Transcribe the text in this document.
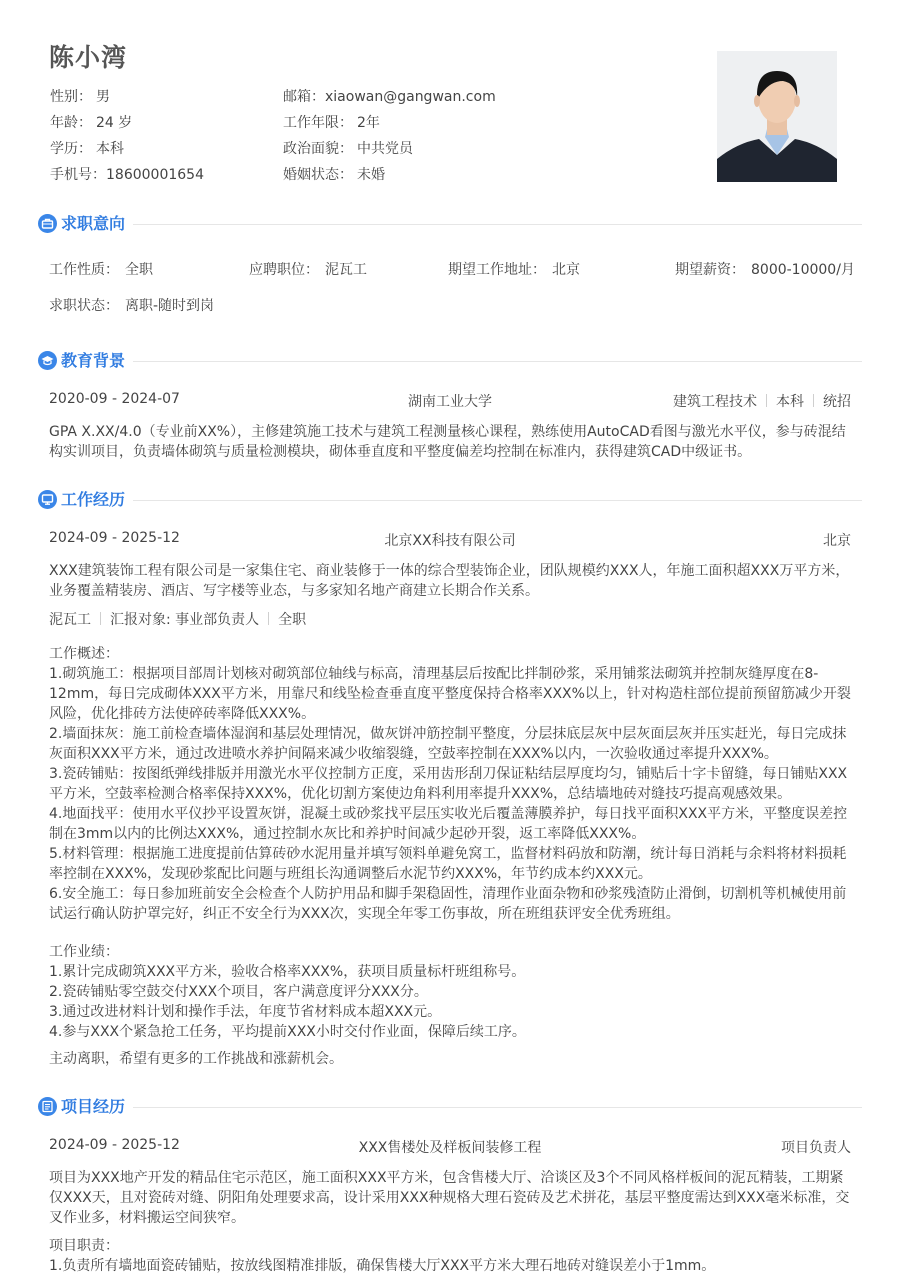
陈小湾
性别： 男
年龄： 24 岁
学历： 本科
手机号：18600001654
邮箱：xiaowan@gangwan.com
工作年限： 2年
政治面貌： 中共党员
婚姻状态： 未婚
求职意向
工作性质： 全职	应聘职位： 泥瓦工	期望工作地址： 北京	期望薪资： 8000-10000/月
求职状态： 离职-随时到岗
教育背景
2020-09 - 2024-07	湖南工业大学	建筑工程技术 本科 统招
GPA X.XX/4.0（专业前XX%），主修建筑施工技术与建筑工程测量核心课程，熟练使用AutoCAD看图与激光水平仪，参与砖混结
构实训项目，负责墙体砌筑与质量检测模块，砌体垂直度和平整度偏差均控制在标准内，获得建筑CAD中级证书。
工作经历
2024-09 - 2025-12	北京XX科技有限公司	北京
XXX建筑装饰工程有限公司是一家集住宅、商业装修于一体的综合型装饰企业，团队规模约XXX人，年施工面积超XXX万平方米，
业务覆盖精装房、酒店、写字楼等业态，与多家知名地产商建立长期合作关系。
泥瓦工 汇报对象: 事业部负责人 全职
工作概述：
1.砌筑施工：根据项目部周计划核对砌筑部位轴线与标高，清理基层后按配比拌制砂浆，采用铺浆法砌筑并控制灰缝厚度在8-
12mm，每日完成砌体XXX平方米，用靠尺和线坠检查垂直度平整度保持合格率XXX%以上，针对构造柱部位提前预留筋减少开裂
风险，优化排砖方法使碎砖率降低XXX%。
2.墙面抹灰：施工前检查墙体湿润和基层处理情况，做灰饼冲筋控制平整度，分层抹底层灰中层灰面层灰并压实赶光，每日完成抹
灰面积XXX平方米，通过改进喷水养护间隔来减少收缩裂缝，空鼓率控制在XXX%以内，一次验收通过率提升XXX%。
3.瓷砖铺贴：按图纸弹线排版并用激光水平仪控制方正度，采用齿形刮刀保证粘结层厚度均匀，铺贴后十字卡留缝，每日铺贴XXX
平方米，空鼓率检测合格率保持XXX%，优化切割方案使边角料利用率提升XXX%，总结墙地砖对缝技巧提高观感效果。
4.地面找平：使用水平仪抄平设置灰饼，混凝土或砂浆找平层压实收光后覆盖薄膜养护，每日找平面积XXX平方米，平整度误差控
制在3mm以内的比例达XXX%，通过控制水灰比和养护时间减少起砂开裂，返工率降低XXX%。
5.材料管理：根据施工进度提前估算砖砂水泥用量并填写领料单避免窝工，监督材料码放和防潮，统计每日消耗与余料将材料损耗
率控制在XXX%，发现砂浆配比问题与班组长沟通调整后水泥节约XXX%，年节约成本约XXX元。
6.安全施工：每日参加班前安全会检查个人防护用品和脚手架稳固性，清理作业面杂物和砂浆残渣防止滑倒，切割机等机械使用前
试运行确认防护罩完好，纠正不安全行为XXX次，实现全年零工伤事故，所在班组获评安全优秀班组。
工作业绩：
1.累计完成砌筑XXX平方米，验收合格率XXX%，获项目质量标杆班组称号。
2.瓷砖铺贴零空鼓交付XXX个项目，客户满意度评分XXX分。
3.通过改进材料计划和操作手法，年度节省材料成本超XXX元。
4.参与XXX个紧急抢工任务，平均提前XXX小时交付作业面，保障后续工序。
主动离职，希望有更多的工作挑战和涨薪机会。
项目经历
2024-09 - 2025-12	XXX售楼处及样板间装修工程	项目负责人
项目为XXX地产开发的精品住宅示范区，施工面积XXX平方米，包含售楼大厅、洽谈区及3个不同风格样板间的泥瓦精装，工期紧
仅XXX天，且对瓷砖对缝、阴阳角处理要求高，设计采用XXX种规格大理石瓷砖及艺术拼花，基层平整度需达到XXX毫米标准，交
叉作业多，材料搬运空间狭窄。
项目职责：
1.负责所有墙地面瓷砖铺贴，按放线图精准排版，确保售楼大厅XXX平方米大理石地砖对缝误差小于1mm。
